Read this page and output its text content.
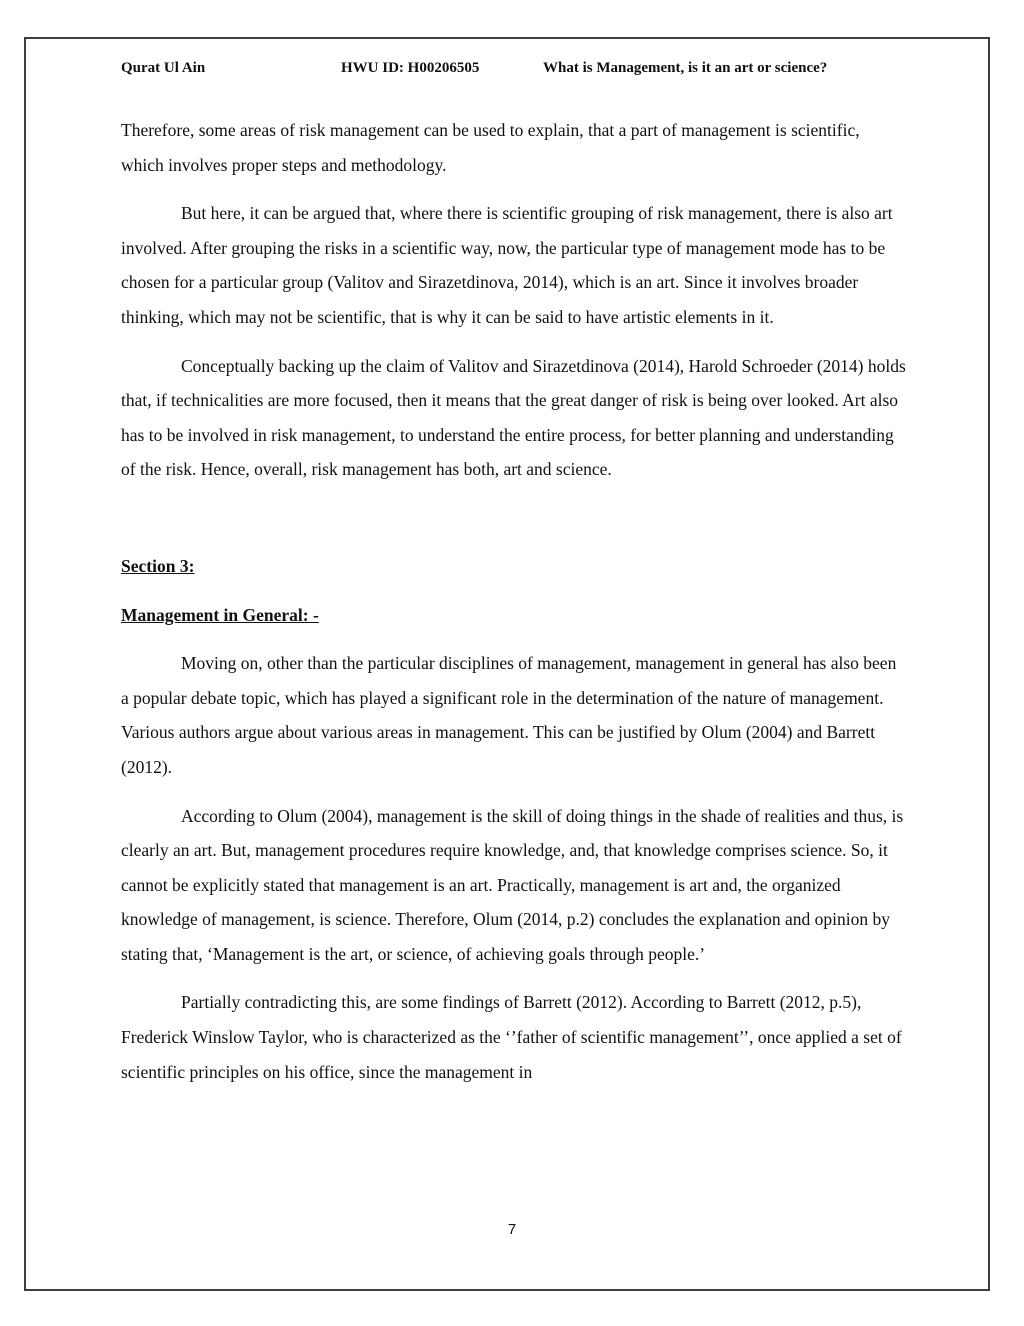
Qurat Ul Ain	HWU ID: H00206505	What is Management, is it an art or science?

Therefore, some areas of risk management can be used to explain, that a part of management is scientific, which involves proper steps and methodology.

But here, it can be argued that, where there is scientific grouping of risk management, there is also art involved. After grouping the risks in a scientific way, now, the particular type of management mode has to be chosen for a particular group (Valitov and Sirazetdinova, 2014), which is an art. Since it involves broader thinking, which may not be scientific, that is why it can be said to have artistic elements in it.

Conceptually backing up the claim of Valitov and Sirazetdinova (2014), Harold Schroeder (2014) holds that, if technicalities are more focused, then it means that the great danger of risk is being over looked. Art also has to be involved in risk management, to understand the entire process, for better planning and understanding of the risk. Hence, overall, risk management has both, art and science.

Section 3:

Management in General: -

Moving on, other than the particular disciplines of management, management in general has also been a popular debate topic, which has played a significant role in the determination of the nature of management. Various authors argue about various areas in management. This can be justified by Olum (2004) and Barrett (2012).

According to Olum (2004), management is the skill of doing things in the shade of realities and thus, is clearly an art. But, management procedures require knowledge, and, that knowledge comprises science. So, it cannot be explicitly stated that management is an art. Practically, management is art and, the organized knowledge of management, is science. Therefore, Olum (2014, p.2) concludes the explanation and opinion by stating that, ‘Management is the art, or science, of achieving goals through people.’

Partially contradicting this, are some findings of Barrett (2012). According to Barrett (2012, p.5), Frederick Winslow Taylor, who is characterized as the ‘’father of scientific management’’, once applied a set of scientific principles on his office, since the management in

7
